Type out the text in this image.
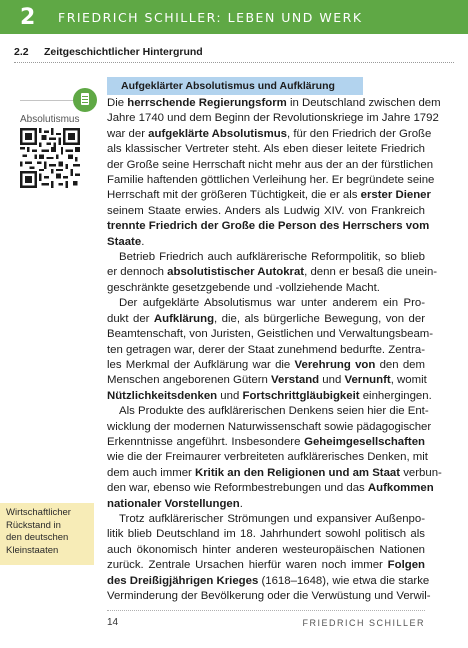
2 FRIEDRICH SCHILLER: LEBEN UND WERK
2.2 Zeitgeschichtlicher Hintergrund
Absolutismus
Wirtschaftlicher
Rückstand in
den deutschen
Kleinstaaten
Aufgeklärter Absolutismus und Aufklärung
Die herrschende Regierungsform in Deutschland zwischen dem
Jahre 1740 und dem Beginn der Revolutionskriege im Jahre 1792
war der aufgeklärte Absolutismus, für den Friedrich der Große
als klassischer Vertreter steht. Als eben dieser leitete Friedrich
der Große seine Herrschaft nicht mehr aus der an der fürstlichen
Familie haftenden göttlichen Verleihung her. Er begründete seine
Herrschaft mit der größeren Tüchtigkeit, die er als erster Diener
seinem Staate erwies. Anders als Ludwig XIV. von Frankreich
trennte Friedrich der Große die Person des Herrschers vom
Staate.
Betrieb Friedrich auch aufklärerische Reformpolitik, so blieb
er dennoch absolutistischer Autokrat, denn er besaß die unein-
geschränkte gesetzgebende und -vollziehende Macht.
Der aufgeklärte Absolutismus war unter anderem ein Pro-
dukt der Aufklärung, die, als bürgerliche Bewegung, von der
Beamtenschaft, von Juristen, Geistlichen und Verwaltungsbeam-
ten getragen war, derer der Staat zunehmend bedurfte. Zentra-
les Merkmal der Aufklärung war die Verehrung von den dem
Menschen angeborenen Gütern Verstand und Vernunft, womit
Nützlichkeitsdenken und Fortschrittgläubigkeit einhergingen.
Als Produkte des aufklärerischen Denkens seien hier die Ent-
wicklung der modernen Naturwissenschaft sowie pädagogischer
Erkenntnisse angeführt. Insbesondere Geheimgesellschaften
wie die der Freimaurer verbreiteten aufklärerisches Denken, mit
dem auch immer Kritik an den Religionen und am Staat verbun-
den war, ebenso wie Reformbestrebungen und das Aufkommen
nationaler Vorstellungen.
Trotz aufklärerischer Strömungen und expansiver Außenpo-
litik blieb Deutschland im 18. Jahrhundert sowohl politisch als
auch ökonomisch hinter anderen westeuropäischen Nationen
zurück. Zentrale Ursachen hierfür waren noch immer Folgen
des Dreißigjährigen Krieges (1618–1648), wie etwa die starke
Verminderung der Bevölkerung oder die Verwüstung und Verwil-
14	FRIEDRICH SCHILLER
